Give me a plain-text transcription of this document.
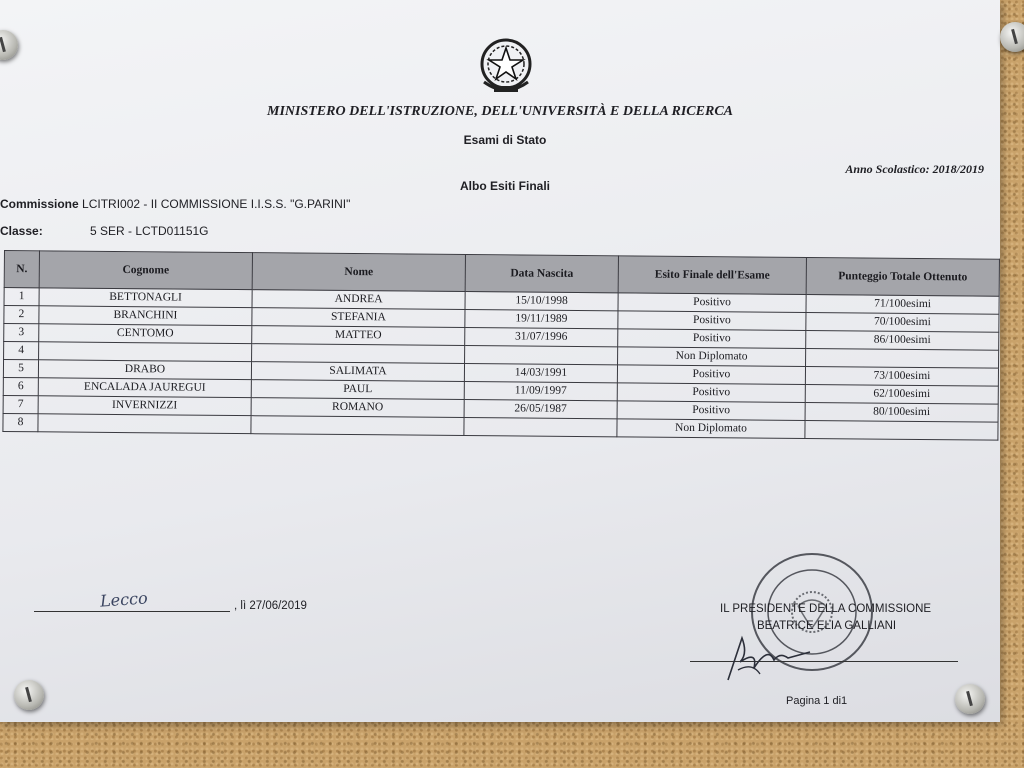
MINISTERO DELL'ISTRUZIONE, DELL'UNIVERSITÀ E DELLA RICERCA
Esami di Stato
Anno Scolastico: 2018/2019
Albo Esiti Finali
Commissione LCITRI002 - II COMMISSIONE I.I.S.S. "G.PARINI"
Classe:	5 SER - LCTD01151G
N.	Cognome	Nome	Data Nascita	Esito Finale dell'Esame	Punteggio Totale Ottenuto
1	BETTONAGLI	ANDREA	15/10/1998	Positivo	71/100esimi
2	BRANCHINI	STEFANIA	19/11/1989	Positivo	70/100esimi
3	CENTOMO	MATTEO	31/07/1996	Positivo	86/100esimi
4				Non Diplomato	
5	DRABO	SALIMATA	14/03/1991	Positivo	73/100esimi
6	ENCALADA JAUREGUI	PAUL	11/09/1997	Positivo	62/100esimi
7	INVERNIZZI	ROMANO	26/05/1987	Positivo	80/100esimi
8				Non Diplomato	
Lecco	, lì 27/06/2019	IL PRESIDENTE DELLA COMMISSIONE
BEATRICE ELIA GALLIANI
Pagina 1 di1
